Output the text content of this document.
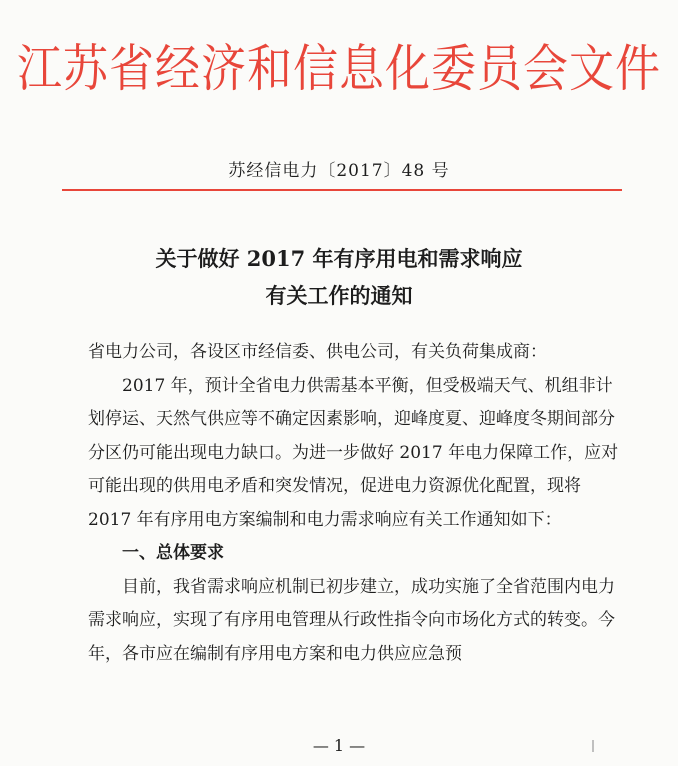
江苏省经济和信息化委员会文件
苏经信电力〔2017〕48 号
关于做好 2017 年有序用电和需求响应
有关工作的通知

省电力公司，各设区市经信委、供电公司，有关负荷集成商：

2017 年，预计全省电力供需基本平衡，但受极端天气、机组非计划停运、天然气供应等不确定因素影响，迎峰度夏、迎峰度冬期间部分分区仍可能出现电力缺口。为进一步做好 2017 年电力保障工作，应对可能出现的供用电矛盾和突发情况，促进电力资源优化配置，现将 2017 年有序用电方案编制和电力需求响应有关工作通知如下：

一、总体要求

目前，我省需求响应机制已初步建立，成功实施了全省范围内电力需求响应，实现了有序用电管理从行政性指令向市场化方式的转变。今年，各市应在编制有序用电方案和电力供应应急预

— 1 —
